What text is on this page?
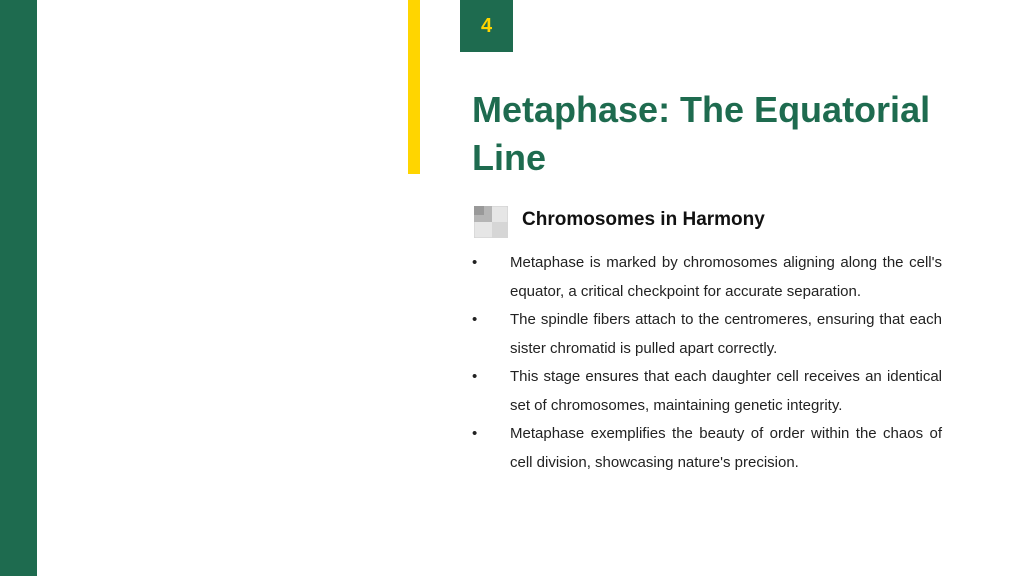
4
Metaphase: The Equatorial Line
Chromosomes in Harmony
• Metaphase is marked by chromosomes aligning along the cell's equator, a critical checkpoint for accurate separation.
• The spindle fibers attach to the centromeres, ensuring that each sister chromatid is pulled apart correctly.
• This stage ensures that each daughter cell receives an identical set of chromosomes, maintaining genetic integrity.
• Metaphase exemplifies the beauty of order within the chaos of cell division, showcasing nature's precision.
